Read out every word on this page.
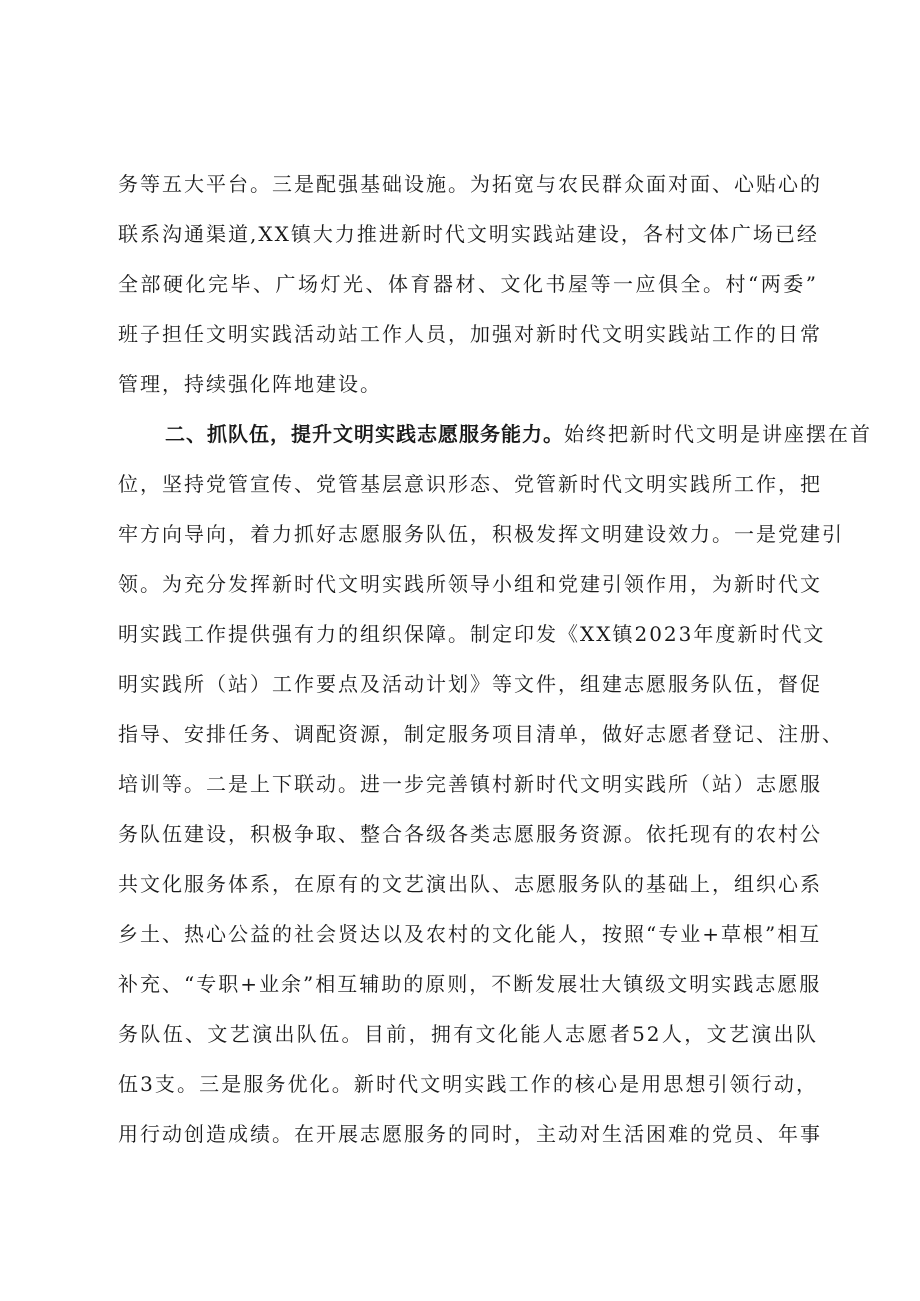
务等五大平台。三是配强基础设施。为拓宽与农民群众面对面、心贴心的

联系沟通渠道,XX镇大力推进新时代文明实践站建设，各村文体广场已经

全部硬化完毕、广场灯光、体育器材、文化书屋等一应俱全。村“两委”

班子担任文明实践活动站工作人员，加强对新时代文明实践站工作的日常

管理，持续强化阵地建设。

二、抓队伍，提升文明实践志愿服务能力。始终把新时代文明是讲座摆在首

位，坚持党管宣传、党管基层意识形态、党管新时代文明实践所工作，把

牢方向导向，着力抓好志愿服务队伍，积极发挥文明建设效力。一是党建引

领。为充分发挥新时代文明实践所领导小组和党建引领作用，为新时代文

明实践工作提供强有力的组织保障。制定印发《XX镇2023年度新时代文

明实践所（站）工作要点及活动计划》等文件，组建志愿服务队伍，督促

指导、安排任务、调配资源，制定服务项目清单，做好志愿者登记、注册、

培训等。二是上下联动。进一步完善镇村新时代文明实践所（站）志愿服

务队伍建设，积极争取、整合各级各类志愿服务资源。依托现有的农村公

共文化服务体系，在原有的文艺演出队、志愿服务队的基础上，组织心系

乡土、热心公益的社会贤达以及农村的文化能人，按照“专业+草根”相互

补充、“专职+业余”相互辅助的原则，不断发展壮大镇级文明实践志愿服

务队伍、文艺演出队伍。目前，拥有文化能人志愿者52人，文艺演出队

伍3支。三是服务优化。新时代文明实践工作的核心是用思想引领行动，

用行动创造成绩。在开展志愿服务的同时，主动对生活困难的党员、年事
